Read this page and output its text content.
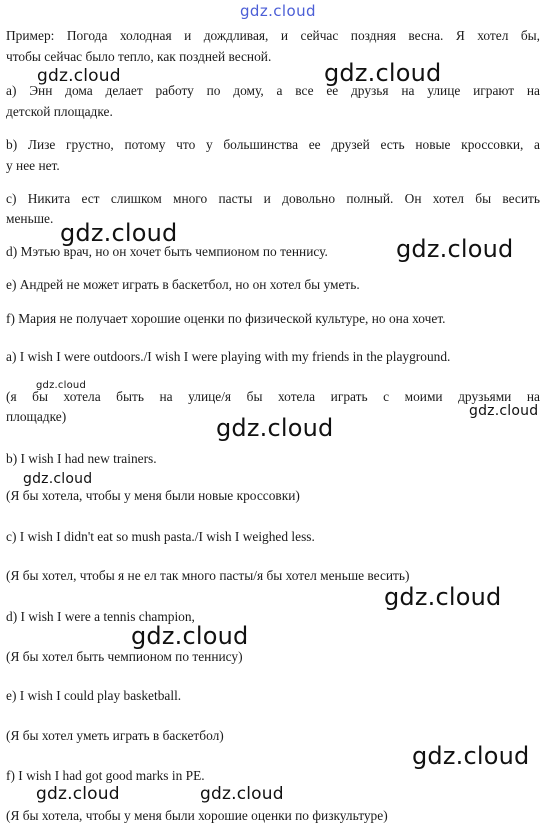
gdz.cloud
Пример: Погода холодная и дождливая, и сейчас поздняя весна. Я хотел бы,
чтобы сейчас было тепло, как поздней весной.
a) Энн дома делает работу по дому, а все ее друзья на улице играют на
детской площадке.
b) Лизе грустно, потому что у большинства ее друзей есть новые кроссовки, а
у нее нет.
c) Никита ест слишком много пасты и довольно полный. Он хотел бы весить
меньше.
d) Мэтью врач, но он хочет быть чемпионом по теннису.
e) Андрей не может играть в баскетбол, но он хотел бы уметь.
f) Мария не получает хорошие оценки по физической культуре, но она хочет.
a) I wish I were outdoors./I wish I were playing with my friends in the playground.
(я бы хотела быть на улице/я бы хотела играть с моими друзьями на
площадке)
b) I wish I had new trainers.
(Я бы хотела, чтобы у меня были новые кроссовки)
c) I wish I didn't eat so mush pasta./I wish I weighed less.
(Я бы хотел, чтобы я не ел так много пасты/я бы хотел меньше весить)
d) I wish I were a tennis champion,
(Я бы хотел быть чемпионом по теннису)
e) I wish I could play basketball.
(Я бы хотел уметь играть в баскетбол)
f) I wish I had got good marks in PE.
(Я бы хотела, чтобы у меня были хорошие оценки по физкультуре)
gdz.cloud	gdz.cloud
gdz.cloud
gdz.cloud
gdz.cloud
gdz.cloud
gdz.cloud
gdz.cloud
gdz.cloud
gdz.cloud
gdz.cloud
gdz.cloud	gdz.cloud
